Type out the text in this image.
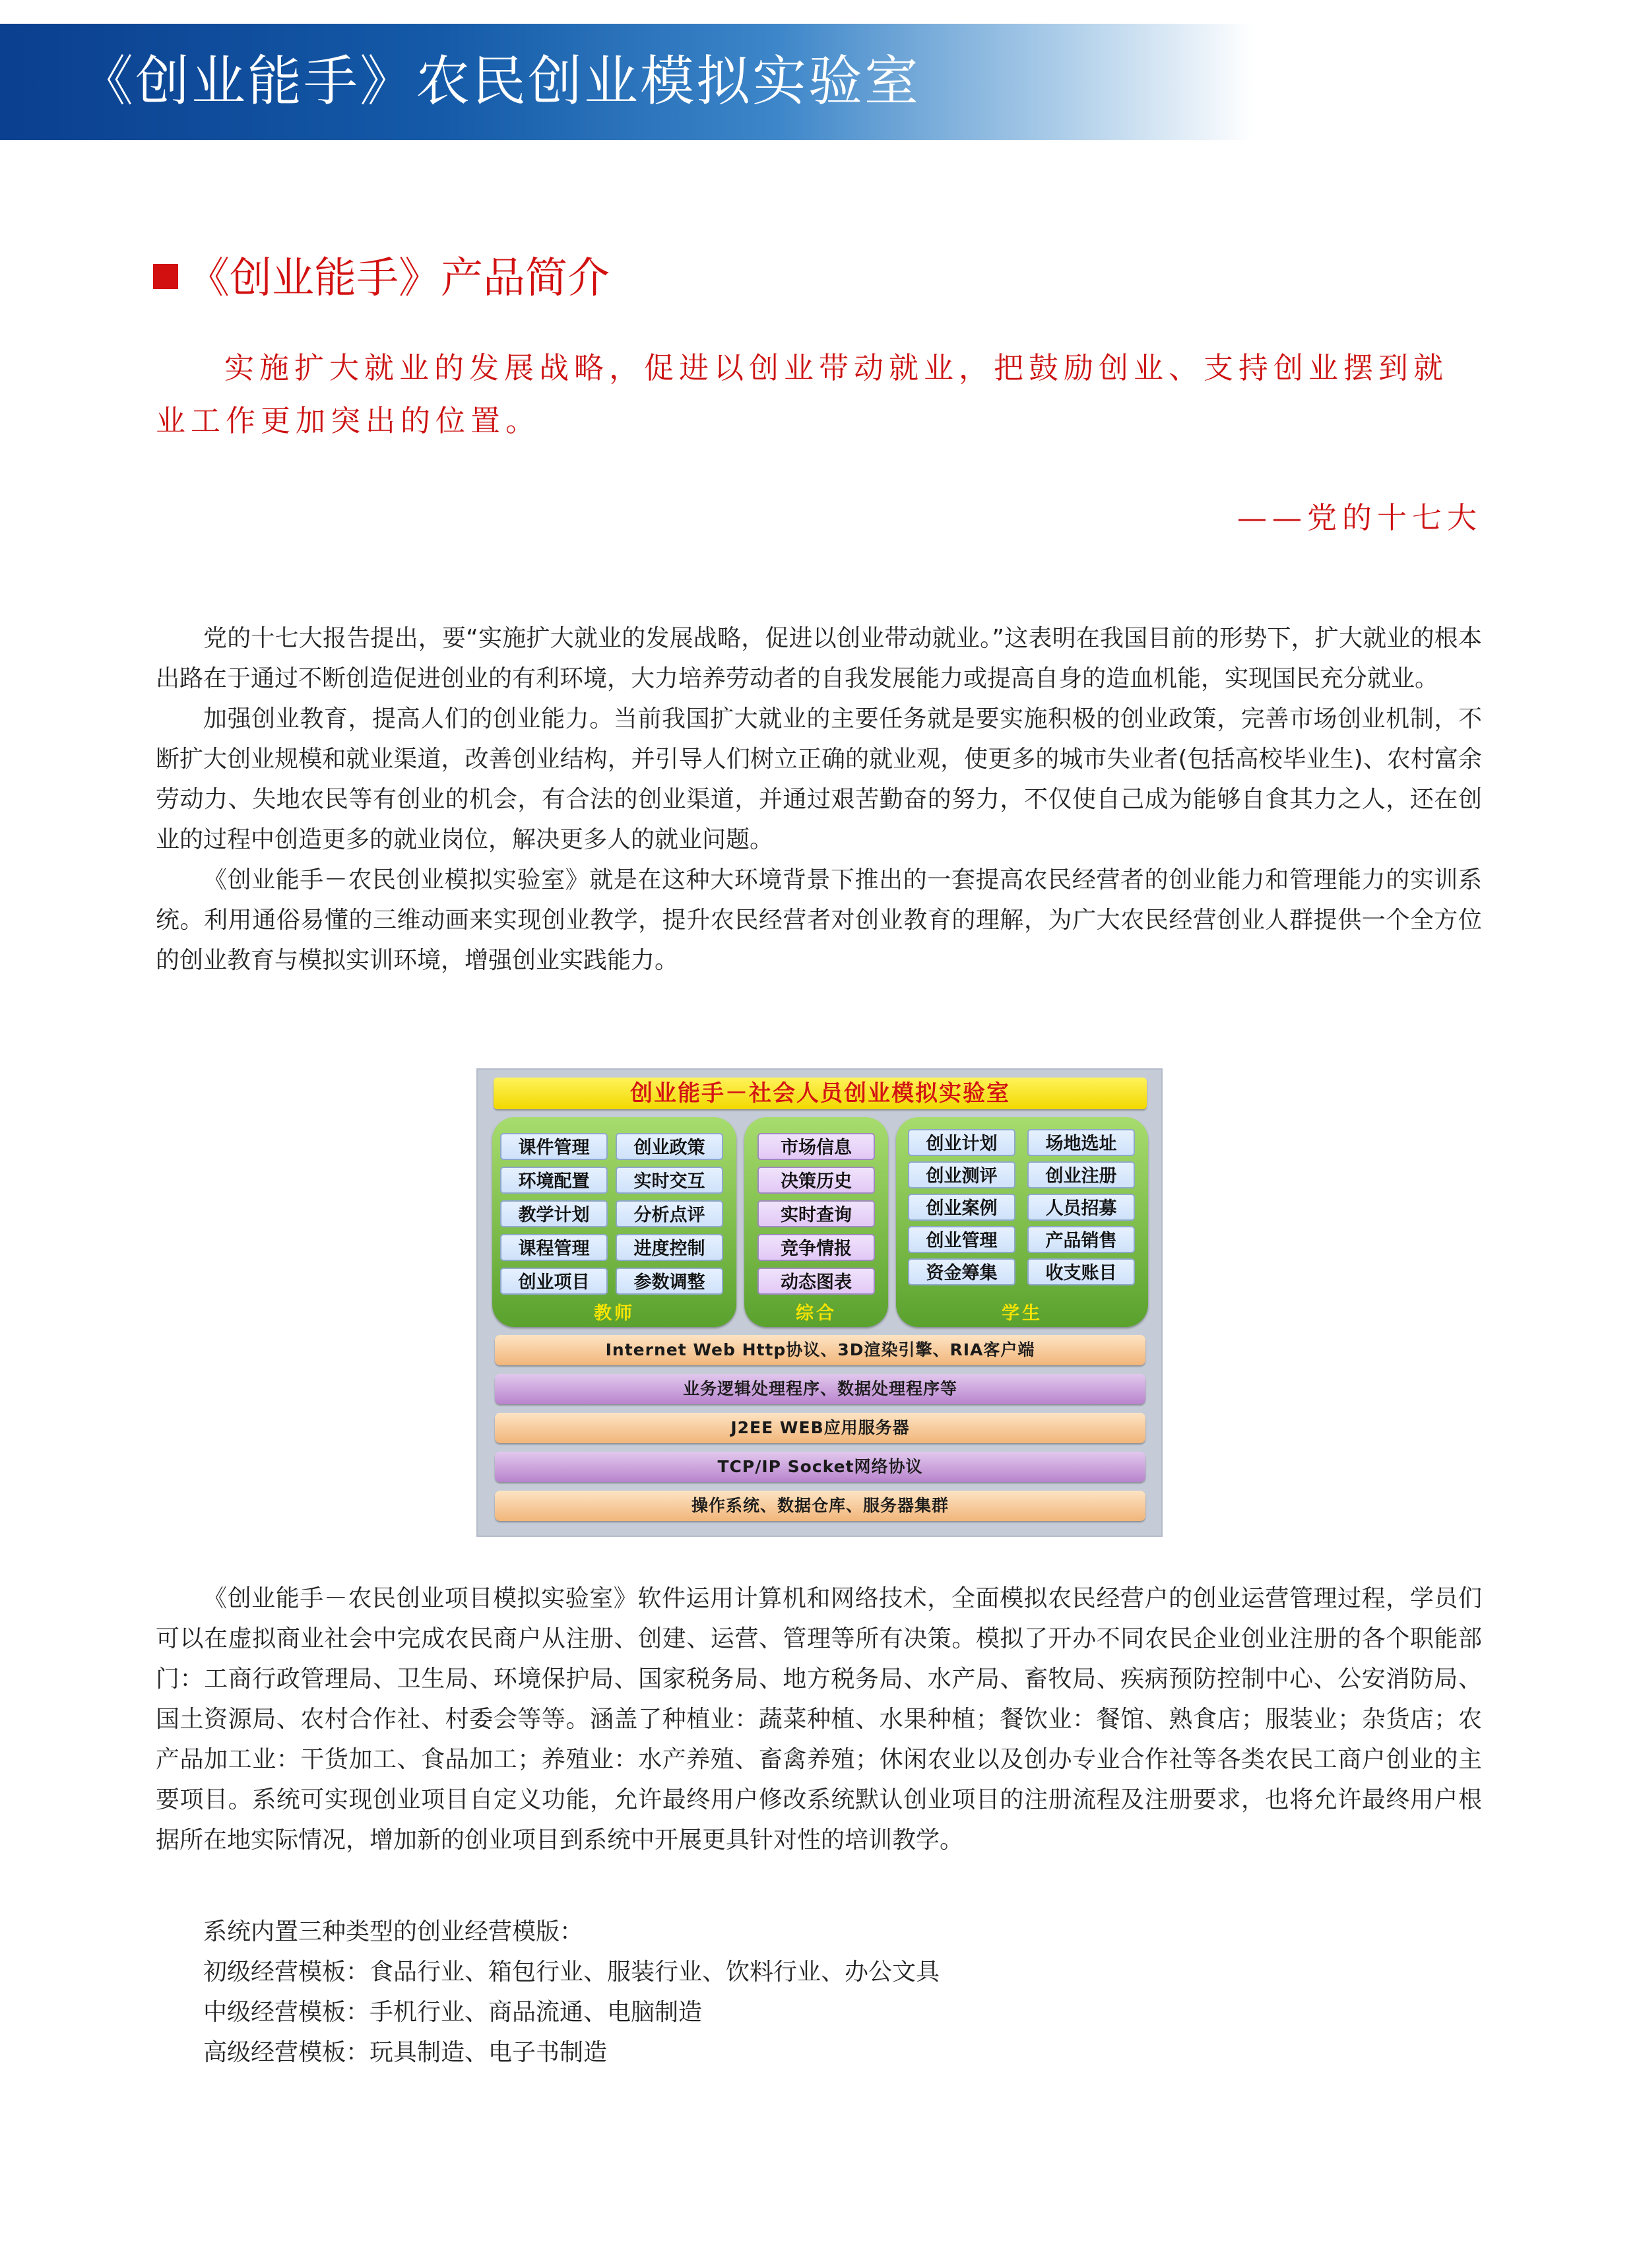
《创业能手》农民创业模拟实验室
《创业能手》产品简介
实施扩大就业的发展战略，促进以创业带动就业，把鼓励创业、支持创业摆到就业工作更加突出的位置。
——党的十七大

党的十七大报告提出，要“实施扩大就业的发展战略，促进以创业带动就业。”这表明在我国目前的形势下，扩大就业的根本出路在于通过不断创造促进创业的有利环境，大力培养劳动者的自我发展能力或提高自身的造血机能，实现国民充分就业。

加强创业教育，提高人们的创业能力。当前我国扩大就业的主要任务就是要实施积极的创业政策，完善市场创业机制，不断扩大创业规模和就业渠道，改善创业结构，并引导人们树立正确的就业观，使更多的城市失业者(包括高校毕业生)、农村富余劳动力、失地农民等有创业的机会，有合法的创业渠道，并通过艰苦勤奋的努力，不仅使自己成为能够自食其力之人，还在创业的过程中创造更多的就业岗位，解决更多人的就业问题。

《创业能手－农民创业模拟实验室》就是在这种大环境背景下推出的一套提高农民经营者的创业能力和管理能力的实训系统。利用通俗易懂的三维动画来实现创业教学，提升农民经营者对创业教育的理解，为广大农民经营创业人群提供一个全方位的创业教育与模拟实训环境，增强创业实践能力。

创业能手－社会人员创业模拟实验室
课件管理	创业政策
环境配置	实时交互
教学计划	分析点评
课程管理	进度控制
创业项目	参数调整
教师
市场信息
决策历史
实时查询
竞争情报
动态图表
综合
创业计划	场地选址
创业测评	创业注册
创业案例	人员招募
创业管理	产品销售
资金筹集	收支账目
学生
Internet Web Http协议、3D渲染引擎、RIA客户端
业务逻辑处理程序、数据处理程序等
J2EE WEB应用服务器
TCP/IP Socket网络协议
操作系统、数据仓库、服务器集群

《创业能手－农民创业项目模拟实验室》软件运用计算机和网络技术，全面模拟农民经营户的创业运营管理过程，学员们可以在虚拟商业社会中完成农民商户从注册、创建、运营、管理等所有决策。模拟了开办不同农民企业创业注册的各个职能部门：工商行政管理局、卫生局、环境保护局、国家税务局、地方税务局、水产局、畜牧局、疾病预防控制中心、公安消防局、国土资源局、农村合作社、村委会等等。涵盖了种植业：蔬菜种植、水果种植；餐饮业：餐馆、熟食店；服装业；杂货店；农产品加工业：干货加工、食品加工；养殖业：水产养殖、畜禽养殖；休闲农业以及创办专业合作社等各类农民工商户创业的主要项目。系统可实现创业项目自定义功能，允许最终用户修改系统默认创业项目的注册流程及注册要求，也将允许最终用户根据所在地实际情况，增加新的创业项目到系统中开展更具针对性的培训教学。

系统内置三种类型的创业经营模版：
初级经营模板：食品行业、箱包行业、服装行业、饮料行业、办公文具
中级经营模板：手机行业、商品流通、电脑制造
高级经营模板：玩具制造、电子书制造
